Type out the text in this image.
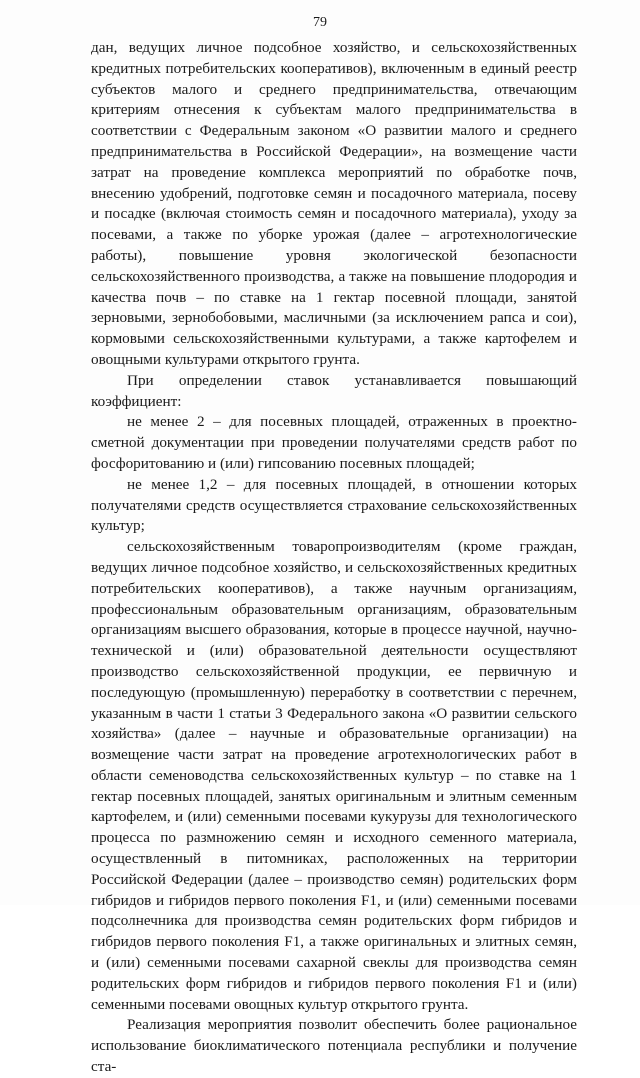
79

дан, ведущих личное подсобное хозяйство, и сельскохозяйственных кредитных потребительских кооперативов), включенным в единый реестр субъектов малого и среднего предпринимательства, отвечающим критериям отнесения к субъектам малого предпринимательства в соответствии с Федеральным законом «О развитии малого и среднего предпринимательства в Российской Федерации», на возмещение части затрат на проведение комплекса мероприятий по обработке почв, внесению удобрений, подготовке семян и посадочного материала, посеву и посадке (включая стоимость семян и посадочного материала), уходу за посевами, а также по уборке урожая (далее – агротехнологические работы), повышение уровня экологической безопасности сельскохозяйственного производства, а также на повышение плодородия и качества почв – по ставке на 1 гектар посевной площади, занятой зерновыми, зернобобовыми, масличными (за исключением рапса и сои), кормовыми сельскохозяйственными культурами, а также картофелем и овощными культурами открытого грунта.

При определении ставок устанавливается повышающий коэффициент:

не менее 2 – для посевных площадей, отраженных в проектно-сметной документации при проведении получателями средств работ по фосфоритованию и (или) гипсованию посевных площадей;

не менее 1,2 – для посевных площадей, в отношении которых получателями средств осуществляется страхование сельскохозяйственных культур;

сельскохозяйственным товаропроизводителям (кроме граждан, ведущих личное подсобное хозяйство, и сельскохозяйственных кредитных потребительских кооперативов), а также научным организациям, профессиональным образовательным организациям, образовательным организациям высшего образования, которые в процессе научной, научно-технической и (или) образовательной деятельности осуществляют производство сельскохозяйственной продукции, ее первичную и последующую (промышленную) переработку в соответствии с перечнем, указанным в части 1 статьи 3 Федерального закона «О развитии сельского хозяйства» (далее – научные и образовательные организации) на возмещение части затрат на проведение агротехнологических работ в области семеноводства сельскохозяйственных культур – по ставке на 1 гектар посевных площадей, занятых оригинальным и элитным семенным картофелем, и (или) семенными посевами кукурузы для технологического процесса по размножению семян и исходного семенного материала, осуществленный в питомниках, расположенных на территории Российской Федерации (далее – производство семян) родительских форм гибридов и гибридов первого поколения F1, и (или) семенными посевами подсолнечника для производства семян родительских форм гибридов и гибридов первого поколения F1, а также оригинальных и элитных семян, и (или) семенными посевами сахарной свеклы для производства семян родительских форм гибридов и гибридов первого поколения F1 и (или) семенными посевами овощных культур открытого грунта.

Реализация мероприятия позволит обеспечить более рациональное использование биоклиматического потенциала республики и получение ста-
